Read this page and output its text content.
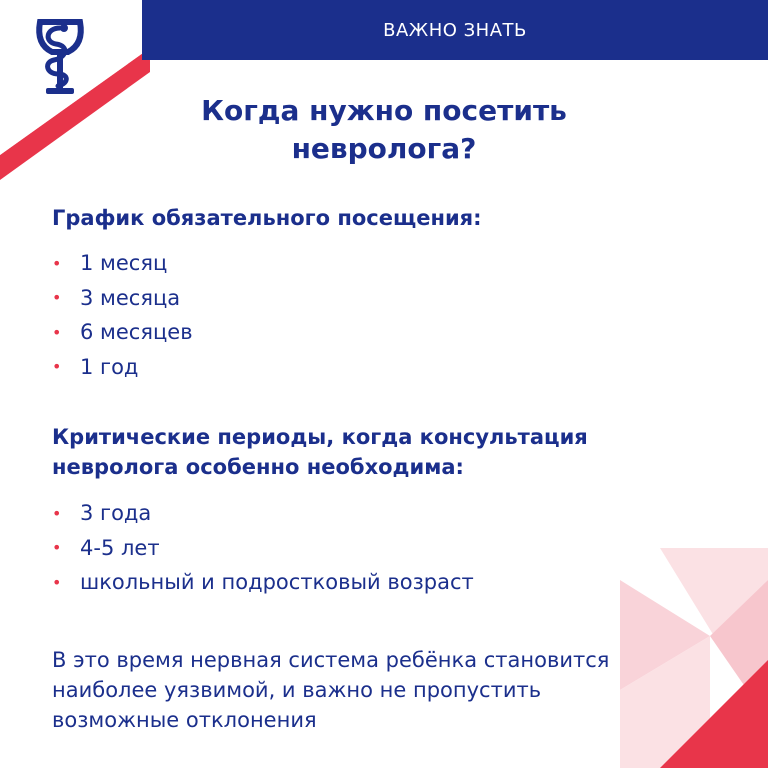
ВАЖНО ЗНАТЬ
Когда нужно посетить
невролога?
График обязательного посещения:
• 1 месяц
• 3 месяца
• 6 месяцев
• 1 год
Критические периоды, когда консультация
невролога особенно необходима:
• 3 года
• 4-5 лет
• школьный и подростковый возраст
В это время нервная система ребёнка становится
наиболее уязвимой, и важно не пропустить
возможные отклонения
